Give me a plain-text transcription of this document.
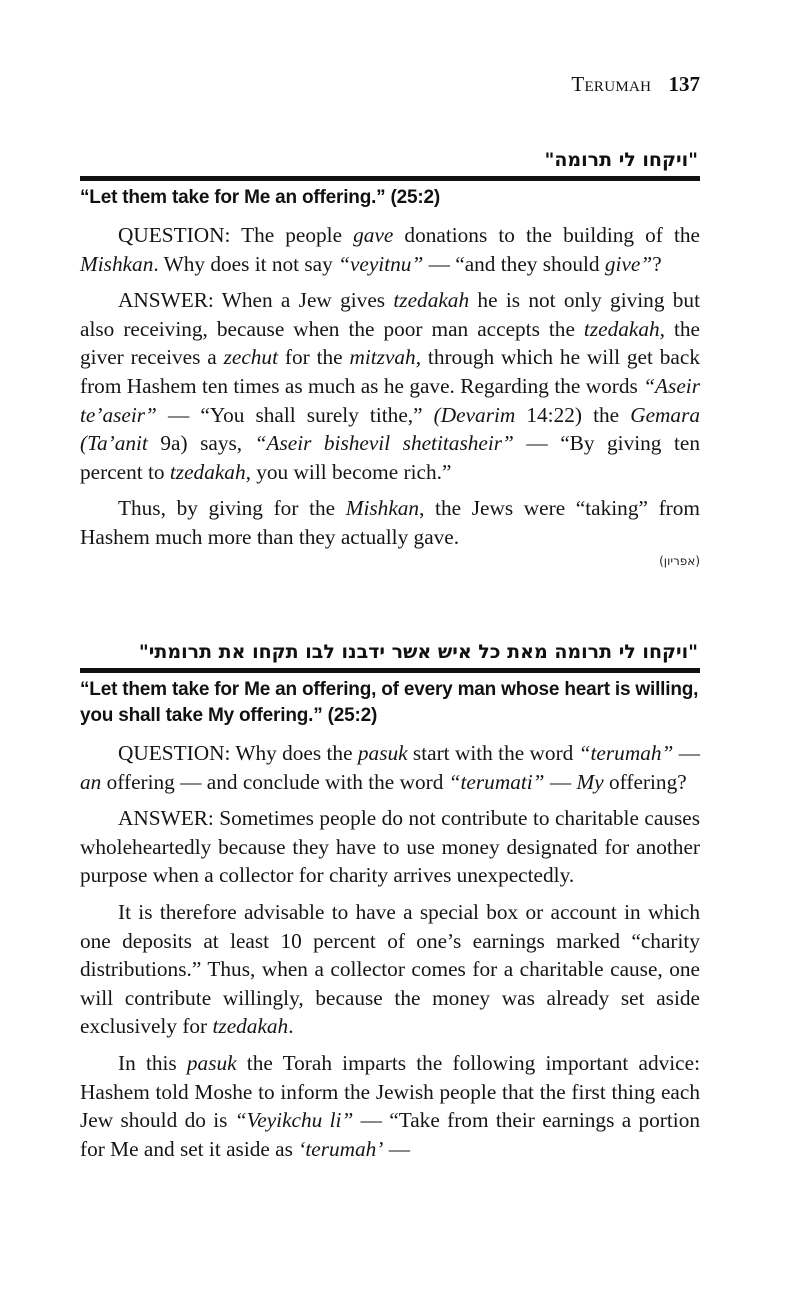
Terumah 137
"ויקחו לי תרומה"
“Let them take for Me an offering.” (25:2)

QUESTION: The people gave donations to the building of the Mishkan. Why does it not say “veyitnu” — “and they should give”?

ANSWER: When a Jew gives tzedakah he is not only giving but also receiving, because when the poor man accepts the tzedakah, the giver receives a zechut for the mitzvah, through which he will get back from Hashem ten times as much as he gave. Regarding the words “Aseir te’aseir” — “You shall surely tithe,” (Devarim 14:22) the Gemara (Ta’anit 9a) says, “Aseir bishevil shetitasheir” — “By giving ten percent to tzedakah, you will become rich.”

Thus, by giving for the Mishkan, the Jews were “taking” from Hashem much more than they actually gave.

(אפריון)
"ויקחו לי תרומה מאת כל איש אשר ידבנו לבו תקחו את תרומתי"
“Let them take for Me an offering, of every man whose heart is willing, you shall take My offering.” (25:2)

QUESTION: Why does the pasuk start with the word “terumah” — an offering — and conclude with the word “terumati” — My offering?

ANSWER: Sometimes people do not contribute to charitable causes wholeheartedly because they have to use money designated for another purpose when a collector for charity arrives unexpectedly.

It is therefore advisable to have a special box or account in which one deposits at least 10 percent of one’s earnings marked “charity distributions.” Thus, when a collector comes for a charitable cause, one will contribute willingly, because the money was already set aside exclusively for tzedakah.

In this pasuk the Torah imparts the following important advice: Hashem told Moshe to inform the Jewish people that the first thing each Jew should do is “Veyikchu li” — “Take from their earnings a portion for Me and set it aside as ‘terumah’ —
